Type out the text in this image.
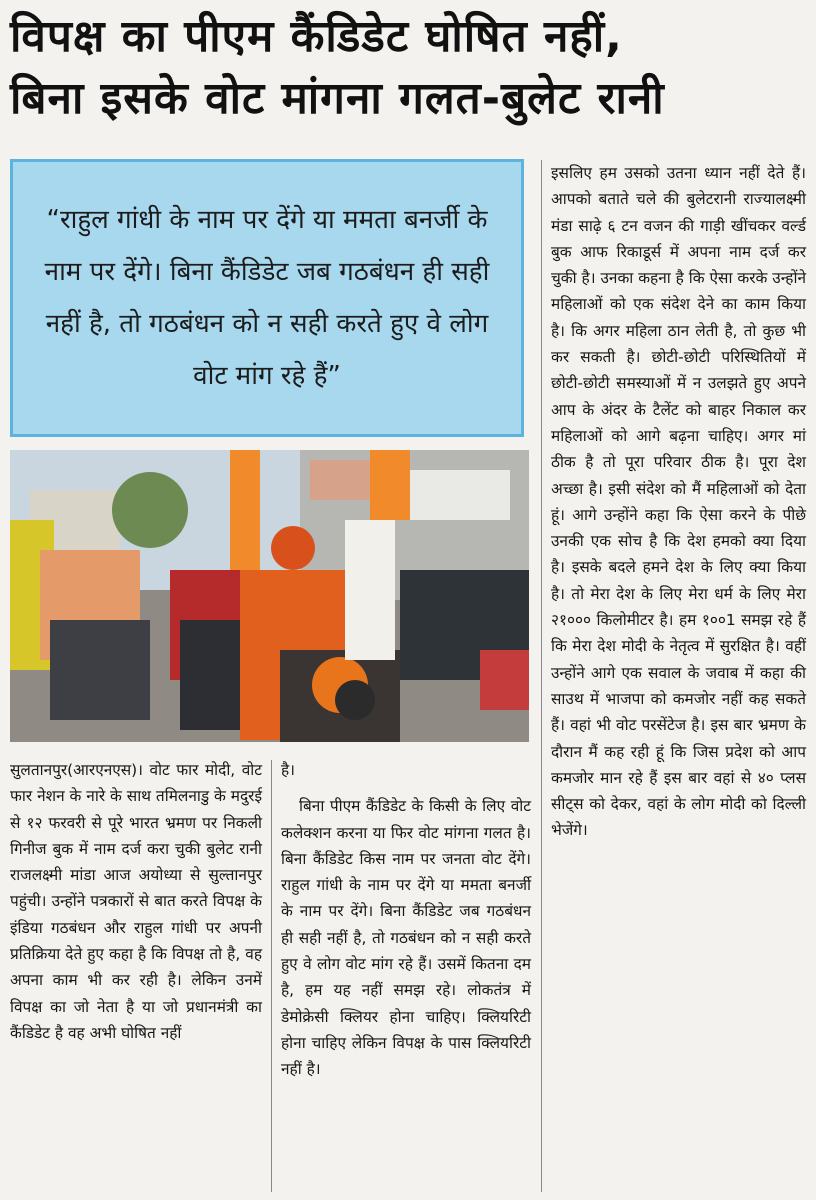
विपक्ष का पीएम कैंडिडेट घोषित नहीं,
बिना इसके वोट मांगना गलत-बुलेट रानी
“राहुल गांधी के नाम पर देंगे या ममता बनर्जी के नाम पर देंगे। बिना कैंडिडेट जब गठबंधन ही सही नहीं है, तो गठबंधन को न सही करते हुए वे लोग वोट मांग रहे हैं”

सुलतानपुर(आरएनएस)। वोट फार मोदी, वोट फार नेशन के नारे के साथ तमिलनाडु के मदुरई से १२ फरवरी से पूरे भारत भ्रमण पर निकली गिनीज बुक में नाम दर्ज करा चुकी बुलेट रानी राजलक्ष्मी मांडा आज अयोध्या से सुल्तानपुर पहुंची। उन्होंने पत्रकारों से बात करते विपक्ष के इंडिया गठबंधन और राहुल गांधी पर अपनी प्रतिक्रिया देते हुए कहा है कि विपक्ष तो है, वह अपना काम भी कर रही है। लेकिन उनमें विपक्ष का जो नेता है या जो प्रधानमंत्री का कैंडिडेट है वह अभी घोषित नहीं

है।

बिना पीएम कैंडिडेट के किसी के लिए वोट कलेक्शन करना या फिर वोट मांगना गलत है। बिना कैंडिडेट किस नाम पर जनता वोट देंगे। राहुल गांधी के नाम पर देंगे या ममता बनर्जी के नाम पर देंगे। बिना कैंडिडेट जब गठबंधन ही सही नहीं है, तो गठबंधन को न सही करते हुए वे लोग वोट मांग रहे हैं। उसमें कितना दम है, हम यह नहीं समझ रहे। लोकतंत्र में डेमोक्रेसी क्लियर होना चाहिए। क्लियरिटी होना चाहिए लेकिन विपक्ष के पास क्लियरिटी नहीं है।

इसलिए हम उसको उतना ध्यान नहीं देते हैं। आपको बताते चले की बुलेटरानी राज्यालक्ष्मी मंडा साढ़े ६ टन वजन की गाड़ी खींचकर वर्ल्ड बुक आफ रिकाडूर्स में अपना नाम दर्ज कर चुकी है। उनका कहना है कि ऐसा करके उन्होंने महिलाओं को एक संदेश देने का काम किया है। कि अगर महिला ठान लेती है, तो कुछ भी कर सकती है। छोटी-छोटी परिस्थितियों में छोटी-छोटी समस्याओं में न उलझते हुए अपने आप के अंदर के टैलेंट को बाहर निकाल कर महिलाओं को आगे बढ़ना चाहिए। अगर मां ठीक है तो पूरा परिवार ठीक है। पूरा देश अच्छा है। इसी संदेश को मैं महिलाओं को देता हूं। आगे उन्होंने कहा कि ऐसा करने के पीछे उनकी एक सोच है कि देश हमको क्या दिया है। इसके बदले हमने देश के लिए क्या किया है। तो मेरा देश के लिए मेरा धर्म के लिए मेरा २१००० किलोमीटर है। हम १००1 समझ रहे हैं कि मेरा देश मोदी के नेतृत्व में सुरक्षित है। वहीं उन्होंने आगे एक सवाल के जवाब में कहा की साउथ में भाजपा को कमजोर नहीं कह सकते हैं। वहां भी वोट परसेंटेज है। इस बार भ्रमण के दौरान मैं कह रही हूं कि जिस प्रदेश को आप कमजोर मान रहे हैं इस बार वहां से ४० प्लस सीट्स को देकर, वहां के लोग मोदी को दिल्ली भेजेंगे।
